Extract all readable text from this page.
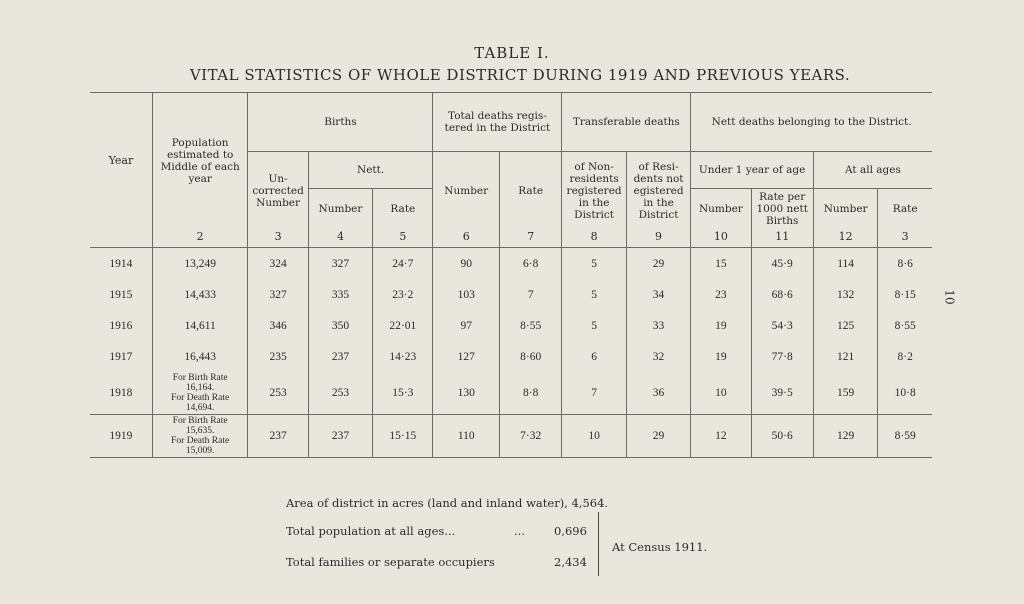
TABLE I.
VITAL STATISTICS OF WHOLE DISTRICT DURING 1919 AND PREVIOUS YEARS.
10
Year	Population estimated to Middle of each year	Births			Total deaths regis-tered in the District		Transferable deaths		Nett deaths belonging to the District.			
		Un-corrected Number	Nett.		Number	Rate	of Non-residents registered in the District	of Resi-dents not egistered in the District	Under 1 year of age		At all ages	
			Number	Rate					Number	Rate per 1000 nett Births	Number	Rate
	2	3	4	5	6	7	8	9	10	11	12	3
1914	13,249	324	327	24·7	90	6·8	5	29	15	45·9	114	8·6
1915	14,433	327	335	23·2	103	7	5	34	23	68·6	132	8·15
1916	14,611	346	350	22·01	97	8·55	5	33	19	54·3	125	8·55
1917	16,443	235	237	14·23	127	8·60	6	32	19	77·8	121	8·2
1918	For Birth Rate
16,164.
For Death Rate
14,694.	253	253	15·3	130	8·8	7	36	10	39·5	159	10·8
1919	For Birth Rate
15,635.
For Death Rate
15,009.	237	237	15·15	110	7·32	10	29	12	50·6	129	8·59
Area of district in acres (land and inland water), 4,564.
Total population at all ages...	...	0,696
Total families or separate occupiers	2,434
At Census 1911.
